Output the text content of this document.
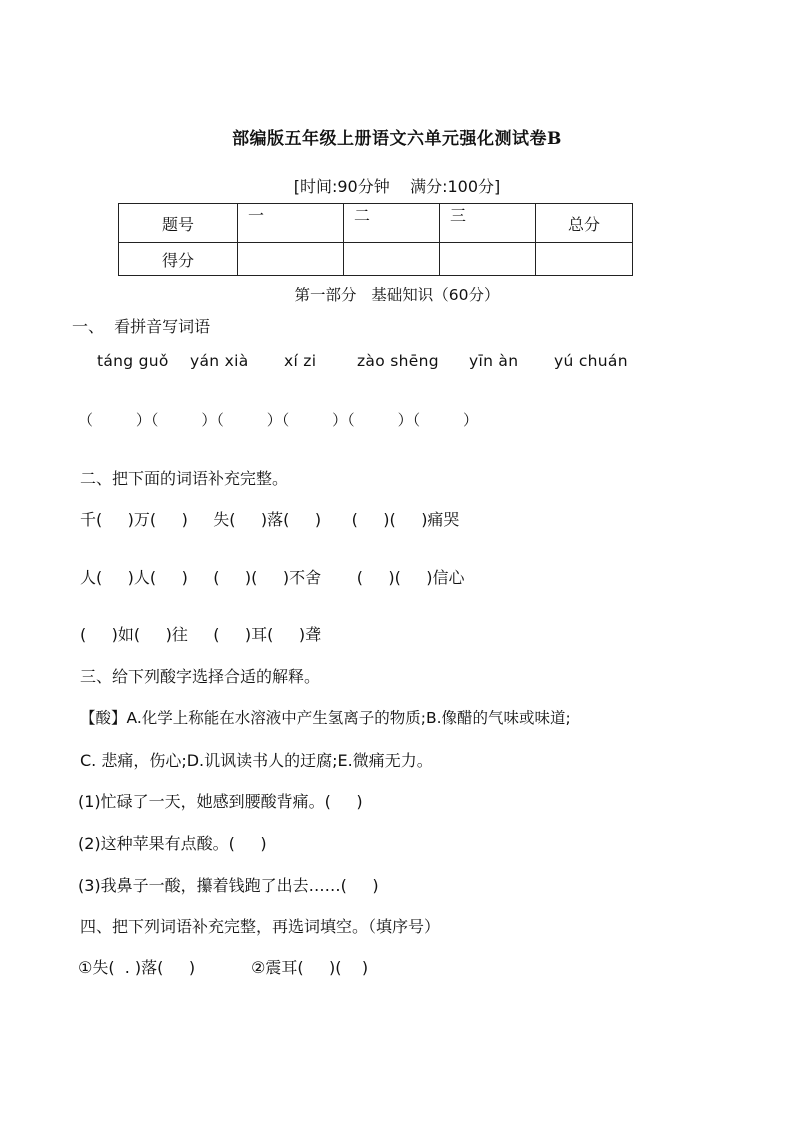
部编版五年级上册语文六单元强化测试卷B
[时间:90分钟    满分:100分]
题号	一	二	三	总分
得分				
第一部分   基础知识（60分）
一、  看拼音写词语
táng guǒ yán xià xí zi	zào shēng yīn àn yú chuán
（         ）（         ）（         ）（         ）（         ）（         ）
二、把下面的词语补充完整。
千(     )万(     )     失(     )落(     )      (     )(     )痛哭
人(     )人(     )     (     )(     )不舍       (     )(     )信心
(     )如(     )往     (     )耳(     )聋
三、给下列酸字选择合适的解释。
【酸】A.化学上称能在水溶液中产生氢离子的物质;B.像醋的气味或味道;
C. 悲痛，伤心;D.讥讽读书人的迂腐;E.微痛无力。
(1)忙碌了一天，她感到腰酸背痛。(     )
(2)这种苹果有点酸。(     )
(3)我鼻子一酸，攥着钱跑了出去……(     )
四、把下列词语补充完整，再选词填空。（填序号）
①失(  . )落(     )           ②震耳(     )(    )
